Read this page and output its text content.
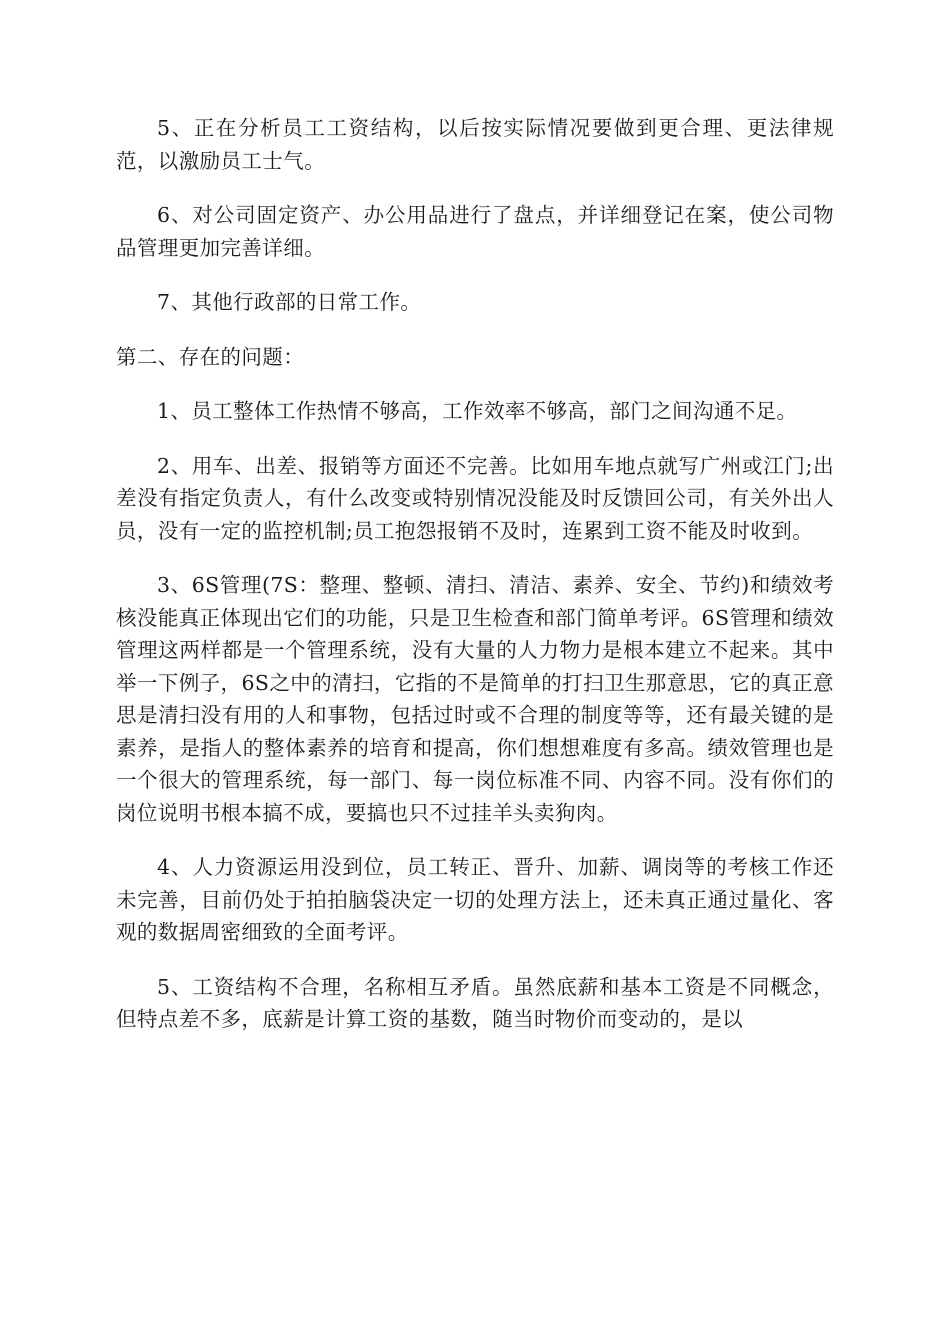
5、正在分析员工工资结构，以后按实际情况要做到更合理、更法律规范，以激励员工士气。

6、对公司固定资产、办公用品进行了盘点，并详细登记在案，使公司物品管理更加完善详细。

7、其他行政部的日常工作。

第二、存在的问题：

1、员工整体工作热情不够高，工作效率不够高，部门之间沟通不足。

2、用车、出差、报销等方面还不完善。比如用车地点就写广州或江门;出差没有指定负责人，有什么改变或特别情况没能及时反馈回公司，有关外出人员，没有一定的监控机制;员工抱怨报销不及时，连累到工资不能及时收到。

3、6S管理(7S：整理、整顿、清扫、清洁、素养、安全、节约)和绩效考核没能真正体现出它们的功能，只是卫生检查和部门简单考评。6S管理和绩效管理这两样都是一个管理系统，没有大量的人力物力是根本建立不起来。其中举一下例子，6S之中的清扫，它指的不是简单的打扫卫生那意思，它的真正意思是清扫没有用的人和事物，包括过时或不合理的制度等等，还有最关键的是素养，是指人的整体素养的培育和提高，你们想想难度有多高。绩效管理也是一个很大的管理系统，每一部门、每一岗位标准不同、内容不同。没有你们的岗位说明书根本搞不成，要搞也只不过挂羊头卖狗肉。

4、人力资源运用没到位，员工转正、晋升、加薪、调岗等的考核工作还未完善，目前仍处于拍拍脑袋决定一切的处理方法上，还未真正通过量化、客观的数据周密细致的全面考评。

5、工资结构不合理，名称相互矛盾。虽然底薪和基本工资是不同概念，但特点差不多，底薪是计算工资的基数，随当时物价而变动的，是以
